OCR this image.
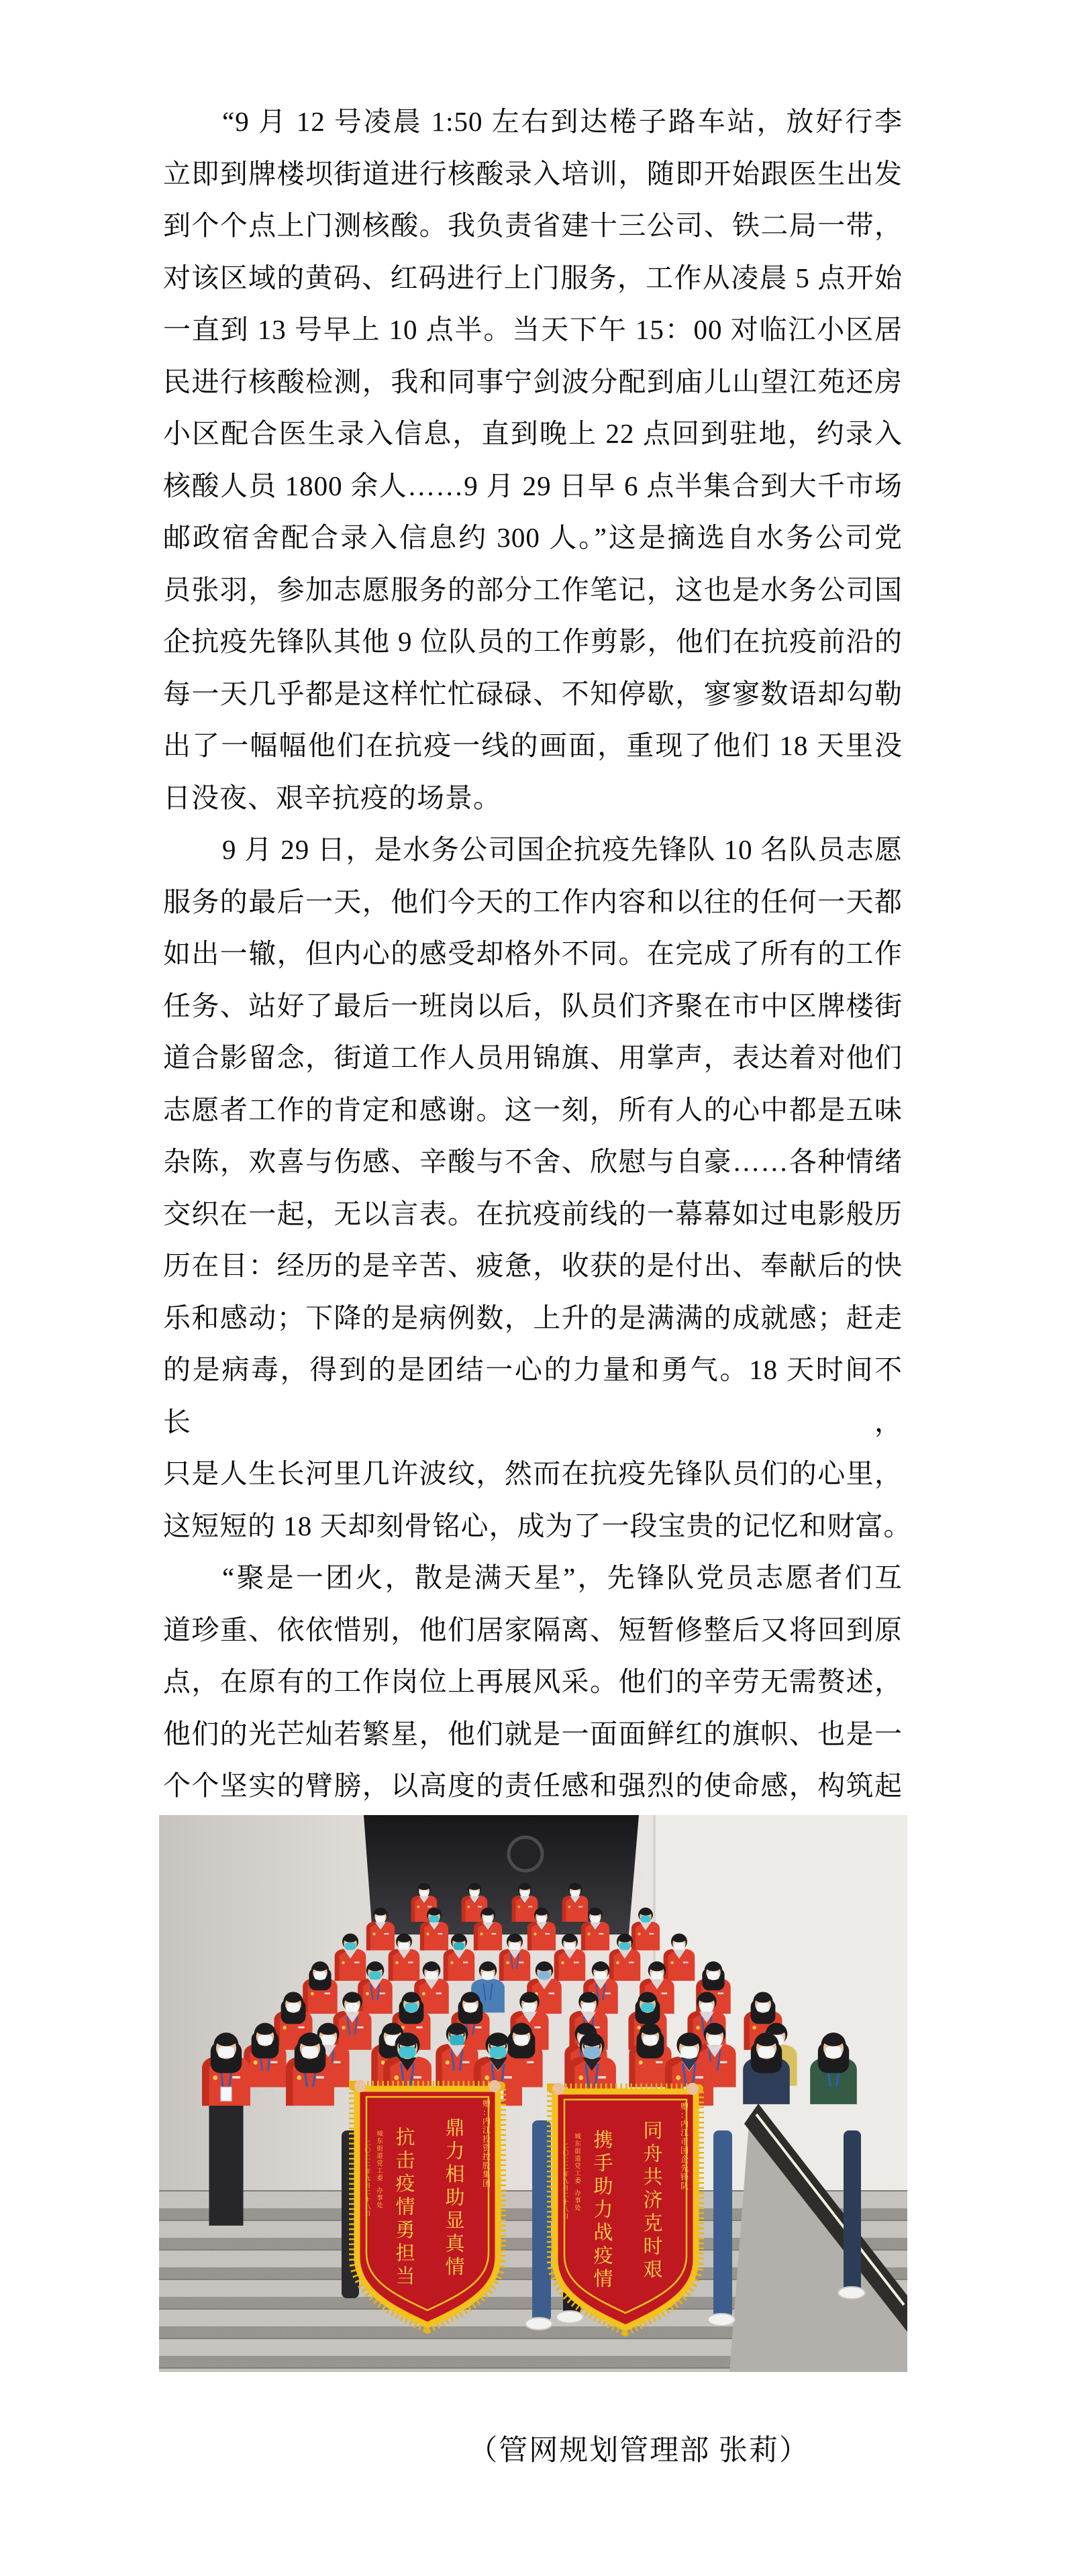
“9 月 12 号凌晨 1:50 左右到达棬子路车站，放好行李
立即到牌楼坝街道进行核酸录入培训，随即开始跟医生出发
到个个点上门测核酸。我负责省建十三公司、铁二局一带，
对该区域的黄码、红码进行上门服务，工作从凌晨 5 点开始
一直到 13 号早上 10 点半。当天下午 15：00 对临江小区居
民进行核酸检测，我和同事宁剑波分配到庙儿山望江苑还房
小区配合医生录入信息，直到晚上 22 点回到驻地，约录入
核酸人员 1800 余人……9 月 29 日早 6 点半集合到大千市场
邮政宿舍配合录入信息约 300 人。”这是摘选自水务公司党
员张羽，参加志愿服务的部分工作笔记，这也是水务公司国
企抗疫先锋队其他 9 位队员的工作剪影，他们在抗疫前沿的
每一天几乎都是这样忙忙碌碌、不知停歇，寥寥数语却勾勒
出了一幅幅他们在抗疫一线的画面，重现了他们 18 天里没
日没夜、艰辛抗疫的场景。
9 月 29 日，是水务公司国企抗疫先锋队 10 名队员志愿
服务的最后一天，他们今天的工作内容和以往的任何一天都
如出一辙，但内心的感受却格外不同。在完成了所有的工作
任务、站好了最后一班岗以后，队员们齐聚在市中区牌楼街
道合影留念，街道工作人员用锦旗、用掌声，表达着对他们
志愿者工作的肯定和感谢。这一刻，所有人的心中都是五味
杂陈，欢喜与伤感、辛酸与不舍、欣慰与自豪……各种情绪
交织在一起，无以言表。在抗疫前线的一幕幕如过电影般历
历在目：经历的是辛苦、疲惫，收获的是付出、奉献后的快
乐和感动；下降的是病例数，上升的是满满的成就感；赶走
的是病毒，得到的是团结一心的力量和勇气。18 天时间不长，
只是人生长河里几许波纹，然而在抗疫先锋队员们的心里，
这短短的 18 天却刻骨铭心，成为了一段宝贵的记忆和财富。
“聚是一团火，散是满天星”，先锋队党员志愿者们互
道珍重、依依惜别，他们居家隔离、短暂修整后又将回到原
点，在原有的工作岗位上再展风采。他们的辛劳无需赘述，
他们的光芒灿若繁星，他们就是一面面鲜红的旗帜、也是一
个个坚实的臂膀，以高度的责任感和强烈的使命感，构筑起
赠
：
内
江
投
资
控
股
集
团
鼎
力
相
助
显
真
情
抗
击
疫
情
勇
担
当
城
东
街
道
党
工
委
办
事
处
二
〇
二
二
年
九
月
二
十
八
日
赠
：
内
江
市
国
企
先
锋
队
同
舟
共
济
克
时
艰
携
手
助
力
战
疫
情
城
东
街
道
党
工
委
办
事
处
二
〇
二
二
年
九
月
二
十
八
日
（管网规划管理部 张莉）
